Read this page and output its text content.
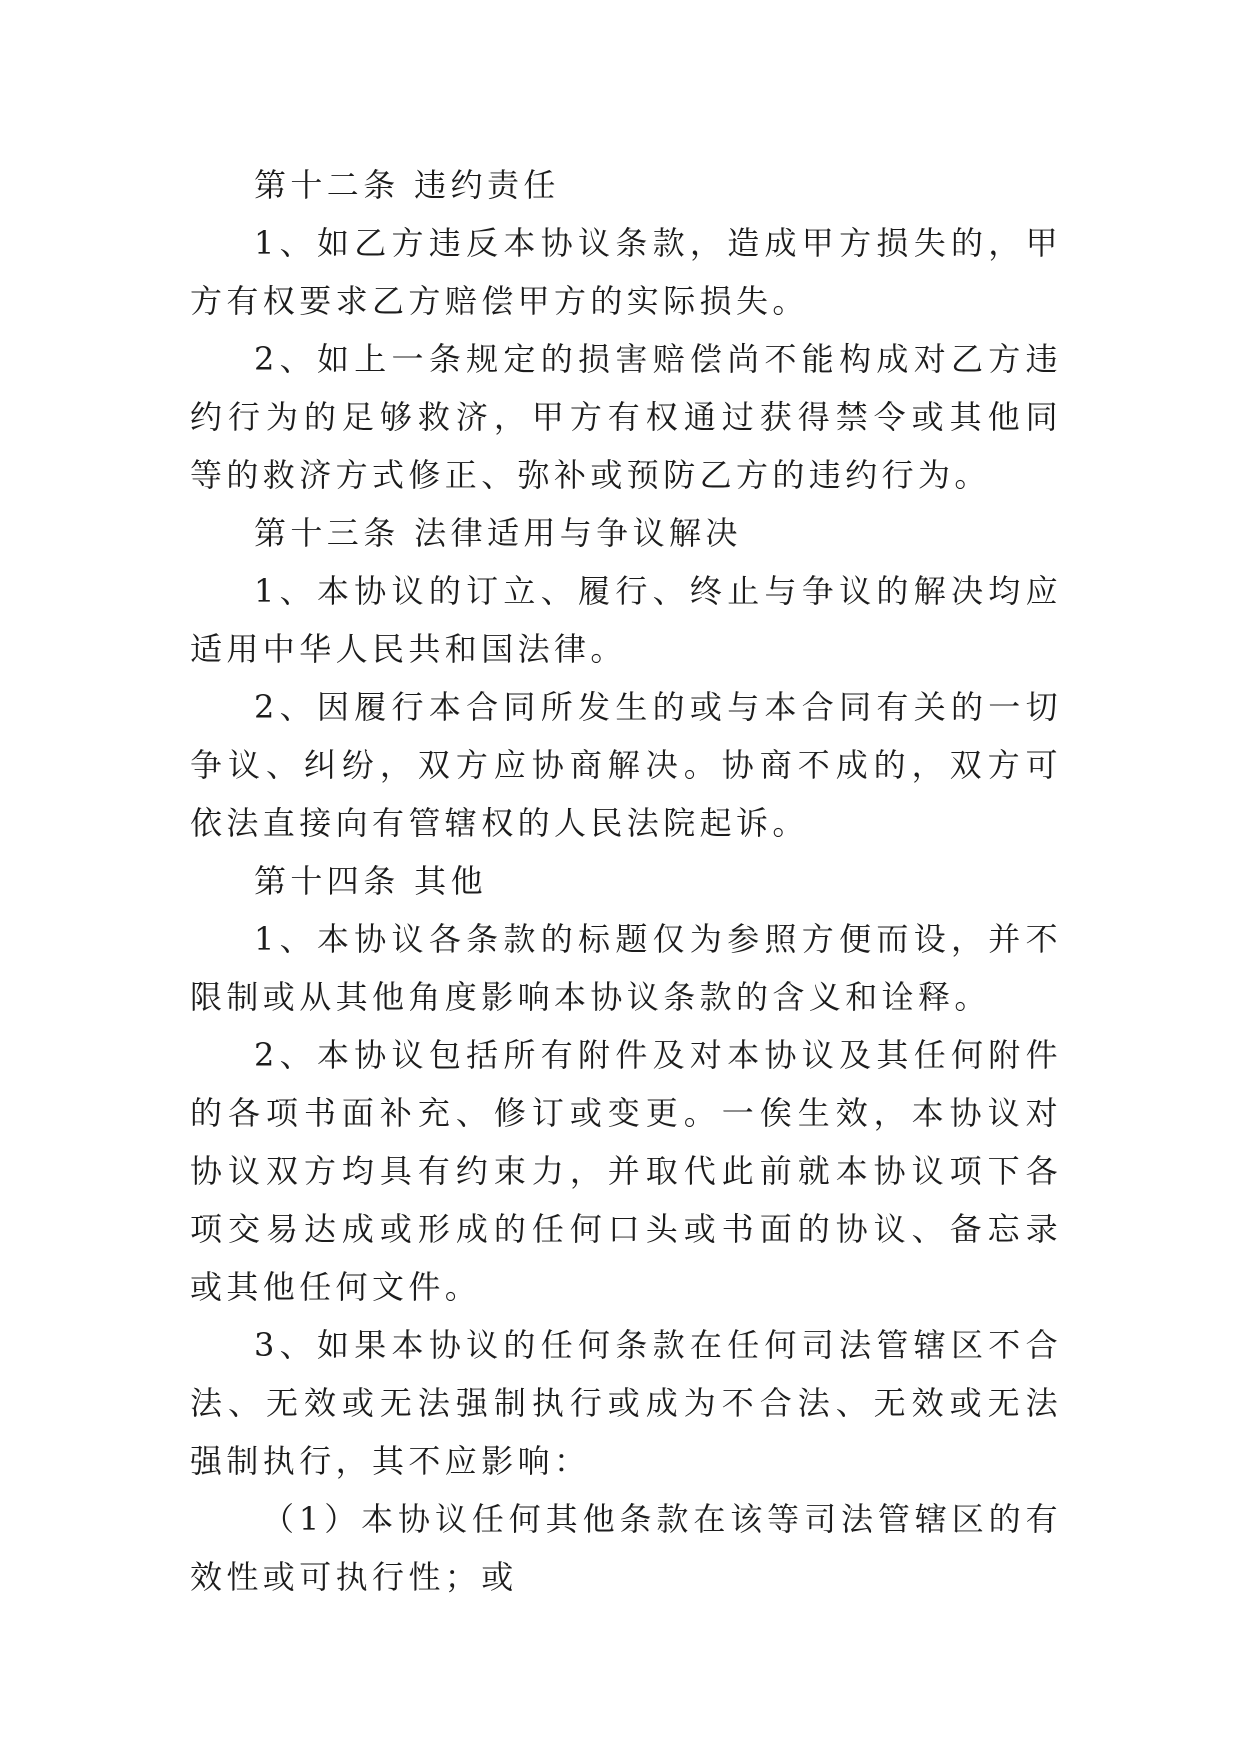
第十二条 违约责任

1、如乙方违反本协议条款，造成甲方损失的，甲方有权要求乙方赔偿甲方的实际损失。

2、如上一条规定的损害赔偿尚不能构成对乙方违约行为的足够救济，甲方有权通过获得禁令或其他同等的救济方式修正、弥补或预防乙方的违约行为。

第十三条 法律适用与争议解决

1、本协议的订立、履行、终止与争议的解决均应适用中华人民共和国法律。

2、因履行本合同所发生的或与本合同有关的一切争议、纠纷，双方应协商解决。协商不成的，双方可依法直接向有管辖权的人民法院起诉。

第十四条 其他

1、本协议各条款的标题仅为参照方便而设，并不限制或从其他角度影响本协议条款的含义和诠释。

2、本协议包括所有附件及对本协议及其任何附件的各项书面补充、修订或变更。一俟生效，本协议对协议双方均具有约束力，并取代此前就本协议项下各项交易达成或形成的任何口头或书面的协议、备忘录或其他任何文件。

3、如果本协议的任何条款在任何司法管辖区不合法、无效或无法强制执行或成为不合法、无效或无法强制执行，其不应影响：

（1）本协议任何其他条款在该等司法管辖区的有效性或可执行性；或
